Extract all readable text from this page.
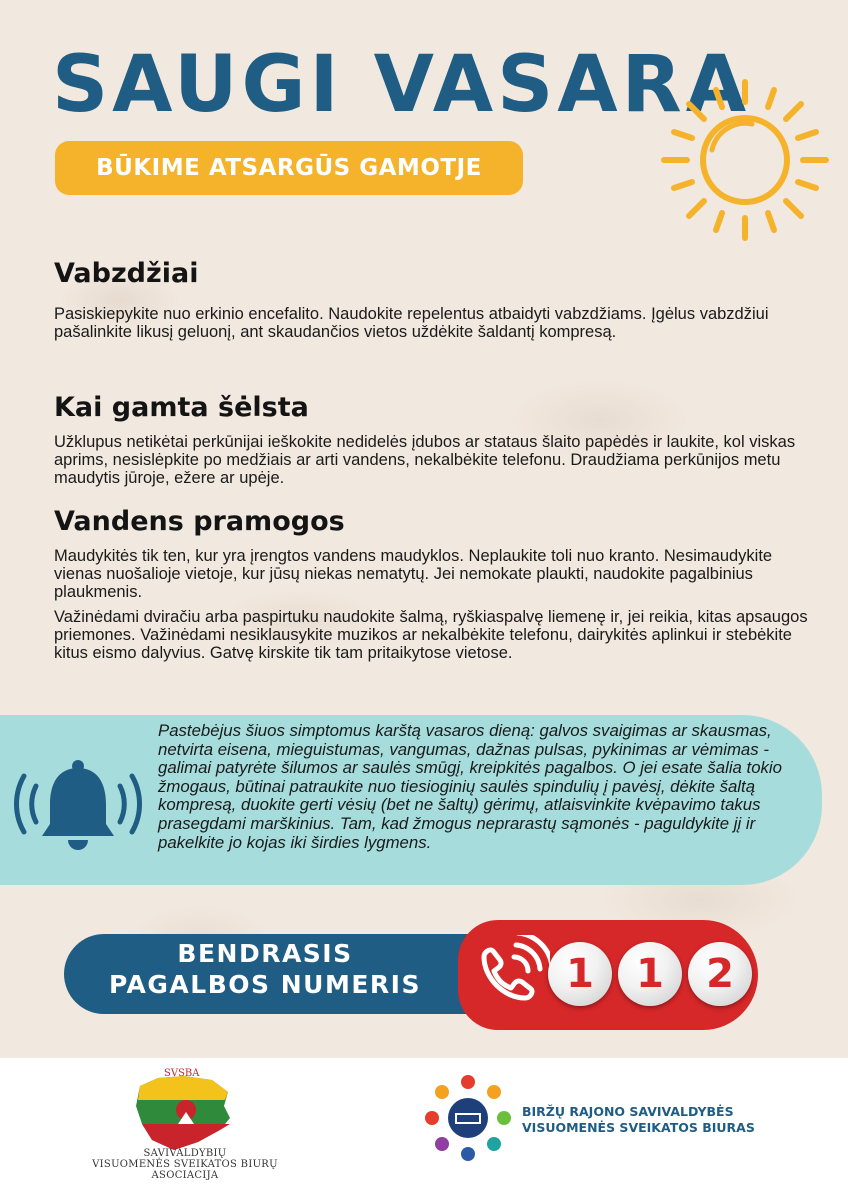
SAUGI VASARA
BŪKIME ATSARGŪS GAMOTJE
Vabzdžiai
Pasiskiepykite nuo erkinio encefalito. Naudokite repelentus atbaidyti vabzdžiams. Įgėlus vabzdžiui pašalinkite likusį geluonį, ant skaudančios vietos uždėkite šaldantį kompresą.
Kai gamta šėlsta
Užklupus netikėtai perkūnijai ieškokite nedidelės įdubos ar stataus šlaito papėdės ir laukite, kol viskas aprims, nesislėpkite po medžiais ar arti vandens, nekalbėkite telefonu. Draudžiama perkūnijos metu maudytis jūroje, ežere ar upėje.
Vandens pramogos
Maudykitės tik ten, kur yra įrengtos vandens maudyklos. Neplaukite toli nuo kranto. Nesimaudykite vienas nuošalioje vietoje, kur jūsų niekas nematytų. Jei nemokate plaukti, naudokite pagalbinius plaukmenis.
Važinėdami dviračiu arba paspirtuku naudokite šalmą, ryškiaspalvę liemenę ir, jei reikia, kitas apsaugos priemones. Važinėdami nesiklausykite muzikos ar nekalbėkite telefonu, dairykitės aplinkui ir stebėkite kitus eismo dalyvius. Gatvę kirskite tik tam pritaikytose vietose.
Pastebėjus šiuos simptomus karštą vasaros dieną: galvos svaigimas ar skausmas, netvirta eisena, mieguistumas, vangumas, dažnas pulsas, pykinimas ar vėmimas - galimai patyrėte šilumos ar saulės smūgį, kreipkitės pagalbos. O jei esate šalia tokio žmogaus, būtinai patraukite nuo tiesioginių saulės spindulių į pavėsį, dėkite šaltą kompresą, duokite gerti vėsių (bet ne šaltų) gėrimų, atlaisvinkite kvėpavimo takus prasegdami marškinius. Tam, kad žmogus neprarastų sąmonės - paguldykite jį ir pakelkite jo kojas iki širdies lygmens.
BENDRASIS
PAGALBOS NUMERIS	1	1	2
SVSBA
SAVIVALDYBIŲ
VISUOMENĖS SVEIKATOS BIURŲ
ASOCIACIJA
BIRŽŲ RAJONO SAVIVALDYBĖS
VISUOMENĖS SVEIKATOS BIURAS
